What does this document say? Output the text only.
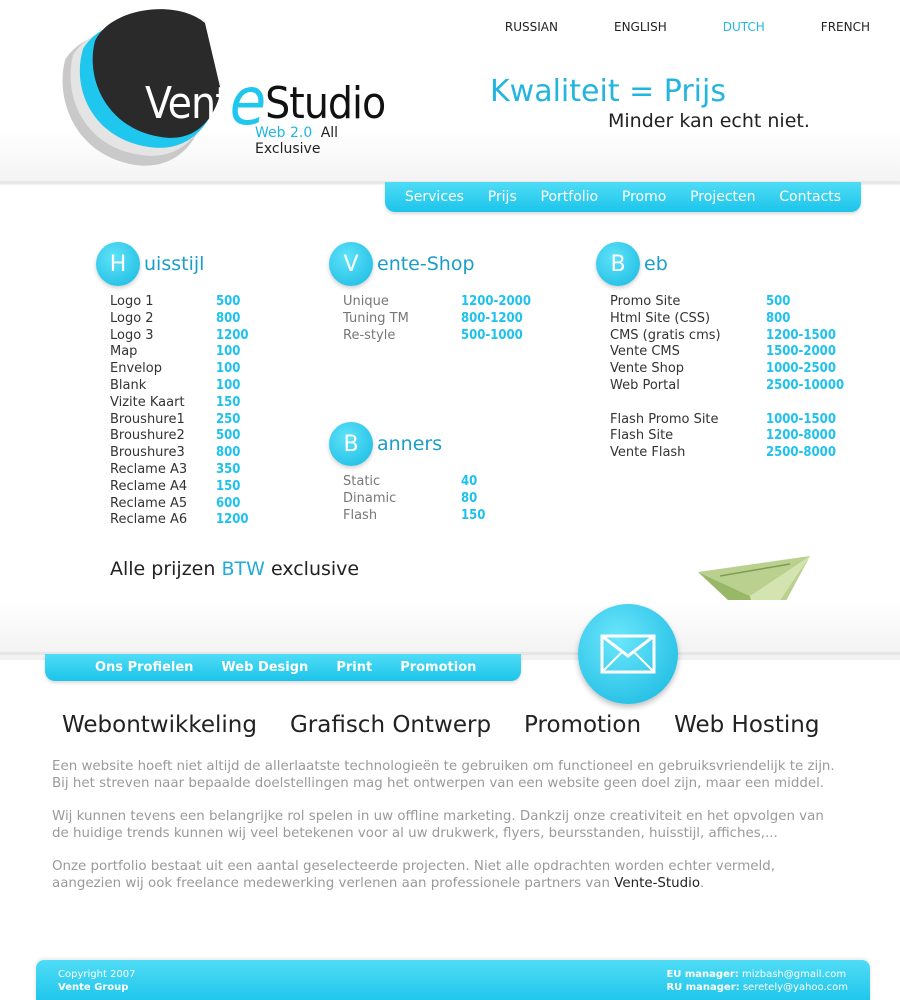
RUSSIAN	ENGLISH	DUTCH	FRENCH
VenteStudio
Web 2.0 All Exclusive
Kwaliteit = Prijs
Minder kan echt niet.
Services Prijs Portfolio Promo Projecten Contacts
H uisstijl
Logo 1	500
Logo 2	800
Logo 3	1200
Map	100
Envelop	100
Blank	100
Vizite Kaart	150
Broushure1	250
Broushure2	500
Broushure3	800
Reclame A3	350
Reclame A4	150
Reclame A5	600
Reclame A6	1200
V ente-Shop
Unique	1200-2000
Tuning TM	800-1200
Re-style	500-1000
B anners
Static	40
Dinamic	80
Flash	150
B eb
Promo Site	500
Html Site (CSS)	800
CMS (gratis cms)	1200-1500
Vente CMS	1500-2000
Vente Shop	1000-2500
Web Portal	2500-10000
Flash Promo Site	1000-1500
Flash Site	1200-8000
Vente Flash	2500-8000
Alle prijzen BTW exclusive
Ons Profielen Web Design Print Promotion
Webontwikkeling Grafisch Ontwerp Promotion Web Hosting

Een website hoeft niet altijd de allerlaatste technologieën te gebruiken om functioneel en gebruiksvriendelijk te zijn. Bij het streven naar bepaalde doelstellingen mag het ontwerpen van een website geen doel zijn, maar een middel.

Wij kunnen tevens een belangrijke rol spelen in uw offline marketing. Dankzij onze creativiteit en het opvolgen van de huidige trends kunnen wij veel betekenen voor al uw drukwerk, flyers, beursstanden, huisstijl, affiches,...

Onze portfolio bestaat uit een aantal geselecteerde projecten. Niet alle opdrachten worden echter vermeld, aangezien wij ook freelance medewerking verlenen aan professionele partners van Vente-Studio.

Copyright 2007
Vente Group
EU manager: mizbash@gmail.com
RU manager: seretely@yahoo.com
